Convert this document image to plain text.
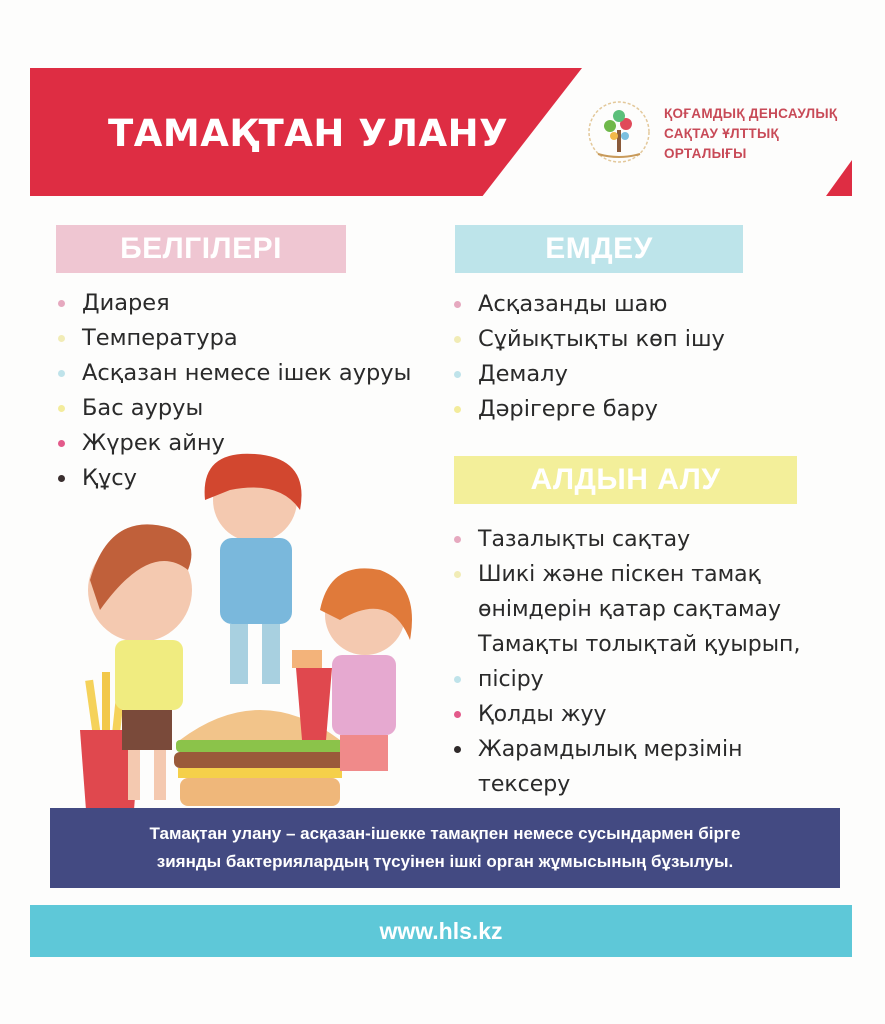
ТАМАҚТАН УЛАНУ	ҚОҒАМДЫҚ ДЕНСАУЛЫҚ
САҚТАУ ҰЛТТЫҚ
ОРТАЛЫҒЫ
БЕЛГІЛЕРІ
Диарея
Температура
Асқазан немесе ішек ауруы
Бас ауруы
Жүрек айну
Құсу
ЕМДЕУ
Асқазанды шаю
Сұйықтықты көп ішу
Демалу
Дәрігерге бару
АЛДЫН АЛУ
Тазалықты сақтау
Шикі және піскен тамақ
өнімдерін қатар сақтамау
Тамақты толықтай қуырып,
пісіру
Қолды жуу
Жарамдылық мерзімін
тексеру
Тамақтан улану – асқазан-ішекке тамақпен немесе сусындармен бірге
зиянды бактериялардың түсуінен ішкі орган жұмысының бұзылуы.
www.hls.kz
